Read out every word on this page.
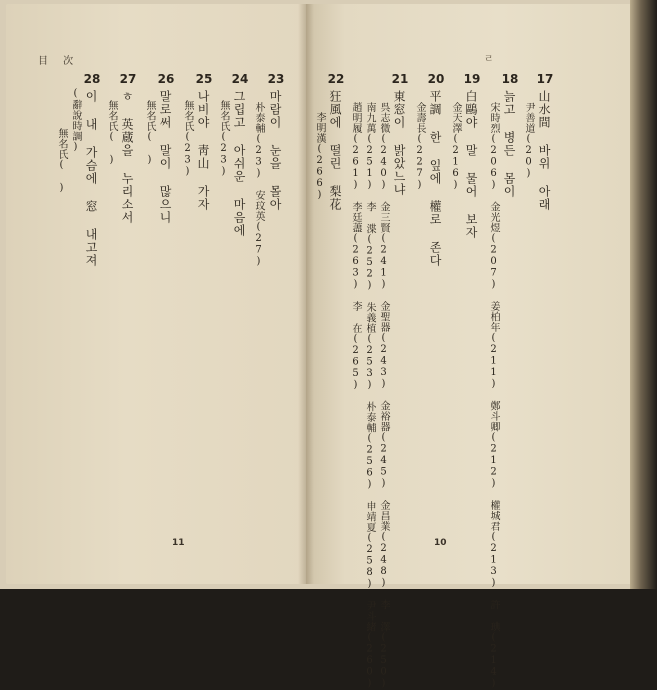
目 次	ㄹ
23
마람이 눈을 몰아
朴泰輔(23)　安玟英(27)
24
그립고 아쉬운 마음에
無名氏(23)
25
나비야 靑山 가자
無名氏(23)
26
말로써 말이 많으니
無名氏( )
27
ㅎ 英蔵을 누리소서
無名氏( )
28
이 내 가슴에 窓 내고져
(辭說時調)
無名氏( )
17
山水間 바위 아래
尹善道(20)
18
늙고 병든 몸이
宋時烈(206)　金光煜(207)　姜柏年(211)　鄭斗卿(212)　權城君(213)　許 琠(214)
19
白鷗야 말 물어 보자
金天澤(216)
20
平調 한 잎에 權로 존다
金壽長(227)
21
東窓이 밝았느냐
呉志微(240)　金三賢(241)　金聖器(243)　金裕器(245)　金昌業(248)　李 澤(250)
南九萬(251)　李 渫(252)　朱義植(253)　朴泰輔(256)　申靖夏(258)　尹斗緒(260)
趙明履(261)　李廷藎(263)　李 在(265)
22
狂風에 떨린 梨花
李明漢(266)
11	10
